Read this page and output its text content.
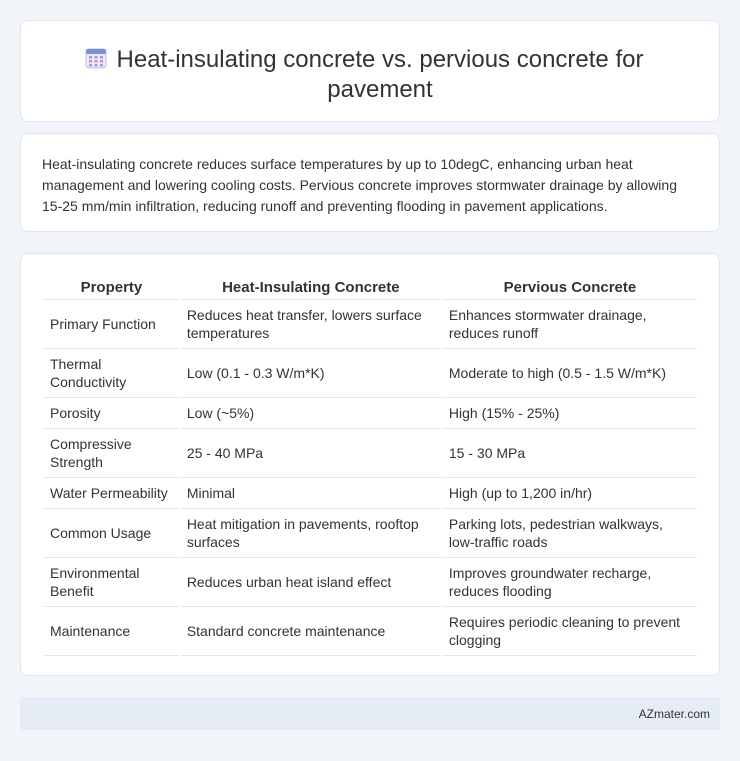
Heat-insulating concrete vs. pervious concrete for pavement

Heat-insulating concrete reduces surface temperatures by up to 10degC, enhancing urban heat management and lowering cooling costs. Pervious concrete improves stormwater drainage by allowing 15-25 mm/min infiltration, reducing runoff and preventing flooding in pavement applications.

Property	Heat-Insulating Concrete	Pervious Concrete
Primary Function	Reduces heat transfer, lowers surface temperatures	Enhances stormwater drainage, reduces runoff
Thermal Conductivity	Low (0.1 - 0.3 W/m*K)	Moderate to high (0.5 - 1.5 W/m*K)
Porosity	Low (~5%)	High (15% - 25%)
Compressive Strength	25 - 40 MPa	15 - 30 MPa
Water Permeability	Minimal	High (up to 1,200 in/hr)
Common Usage	Heat mitigation in pavements, rooftop surfaces	Parking lots, pedestrian walkways, low-traffic roads
Environmental Benefit	Reduces urban heat island effect	Improves groundwater recharge, reduces flooding
Maintenance	Standard concrete maintenance	Requires periodic cleaning to prevent clogging
AZmater.com
